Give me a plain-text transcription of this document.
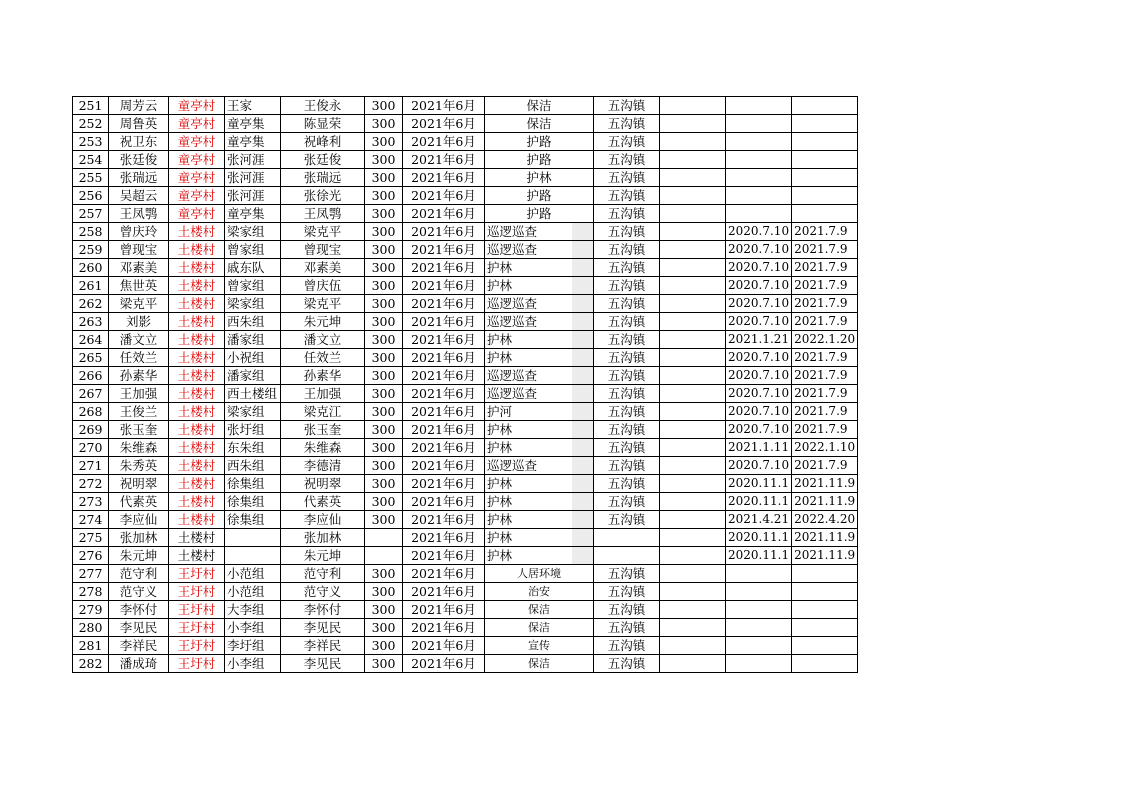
251	周芳云	童亭村	王家	王俊永	300	2021年6月	保洁	五沟镇			
252	周鲁英	童亭村	童亭集	陈显荣	300	2021年6月	保洁	五沟镇			
253	祝卫东	童亭村	童亭集	祝峰利	300	2021年6月	护路	五沟镇			
254	张廷俊	童亭村	张河涯	张廷俊	300	2021年6月	护路	五沟镇			
255	张瑞远	童亭村	张河涯	张瑞远	300	2021年6月	护林	五沟镇			
256	吴超云	童亭村	张河涯	张徐光	300	2021年6月	护路	五沟镇			
257	王凤鹗	童亭村	童亭集	王凤鹗	300	2021年6月	护路	五沟镇			
258	曾庆玲	土楼村	梁家组	梁克平	300	2021年6月	巡逻巡查	五沟镇		2020.7.10	2021.7.9
259	曾现宝	土楼村	曾家组	曾现宝	300	2021年6月	巡逻巡查	五沟镇		2020.7.10	2021.7.9
260	邓素美	土楼村	戚东队	邓素美	300	2021年6月	护林	五沟镇		2020.7.10	2021.7.9
261	焦世英	土楼村	曾家组	曾庆伍	300	2021年6月	护林	五沟镇		2020.7.10	2021.7.9
262	梁克平	土楼村	梁家组	梁克平	300	2021年6月	巡逻巡查	五沟镇		2020.7.10	2021.7.9
263	刘影	土楼村	西朱组	朱元坤	300	2021年6月	巡逻巡查	五沟镇		2020.7.10	2021.7.9
264	潘文立	土楼村	潘家组	潘文立	300	2021年6月	护林	五沟镇		2021.1.21	2022.1.20
265	任效兰	土楼村	小祝组	任效兰	300	2021年6月	护林	五沟镇		2020.7.10	2021.7.9
266	孙素华	土楼村	潘家组	孙素华	300	2021年6月	巡逻巡查	五沟镇		2020.7.10	2021.7.9
267	王加强	土楼村	西土楼组	王加强	300	2021年6月	巡逻巡查	五沟镇		2020.7.10	2021.7.9
268	王俊兰	土楼村	梁家组	梁克江	300	2021年6月	护河	五沟镇		2020.7.10	2021.7.9
269	张玉奎	土楼村	张圩组	张玉奎	300	2021年6月	护林	五沟镇		2020.7.10	2021.7.9
270	朱维森	土楼村	东朱组	朱维森	300	2021年6月	护林	五沟镇		2021.1.11	2022.1.10
271	朱秀英	土楼村	西朱组	李德清	300	2021年6月	巡逻巡查	五沟镇		2020.7.10	2021.7.9
272	祝明翠	土楼村	徐集组	祝明翠	300	2021年6月	护林	五沟镇		2020.11.1	2021.11.9
273	代素英	土楼村	徐集组	代素英	300	2021年6月	护林	五沟镇		2020.11.1	2021.11.9
274	李应仙	土楼村	徐集组	李应仙	300	2021年6月	护林	五沟镇		2021.4.21	2022.4.20
275	张加林	土楼村		张加林		2021年6月	护林			2020.11.1	2021.11.9
276	朱元坤	土楼村		朱元坤		2021年6月	护林			2020.11.1	2021.11.9
277	范守利	王圩村	小范组	范守利	300	2021年6月	人居环境	五沟镇			
278	范守义	王圩村	小范组	范守义	300	2021年6月	治安	五沟镇			
279	李怀付	王圩村	大李组	李怀付	300	2021年6月	保洁	五沟镇			
280	李见民	王圩村	小李组	李见民	300	2021年6月	保洁	五沟镇			
281	李祥民	王圩村	李圩组	李祥民	300	2021年6月	宣传	五沟镇			
282	潘成琦	王圩村	小李组	李见民	300	2021年6月	保洁	五沟镇			
